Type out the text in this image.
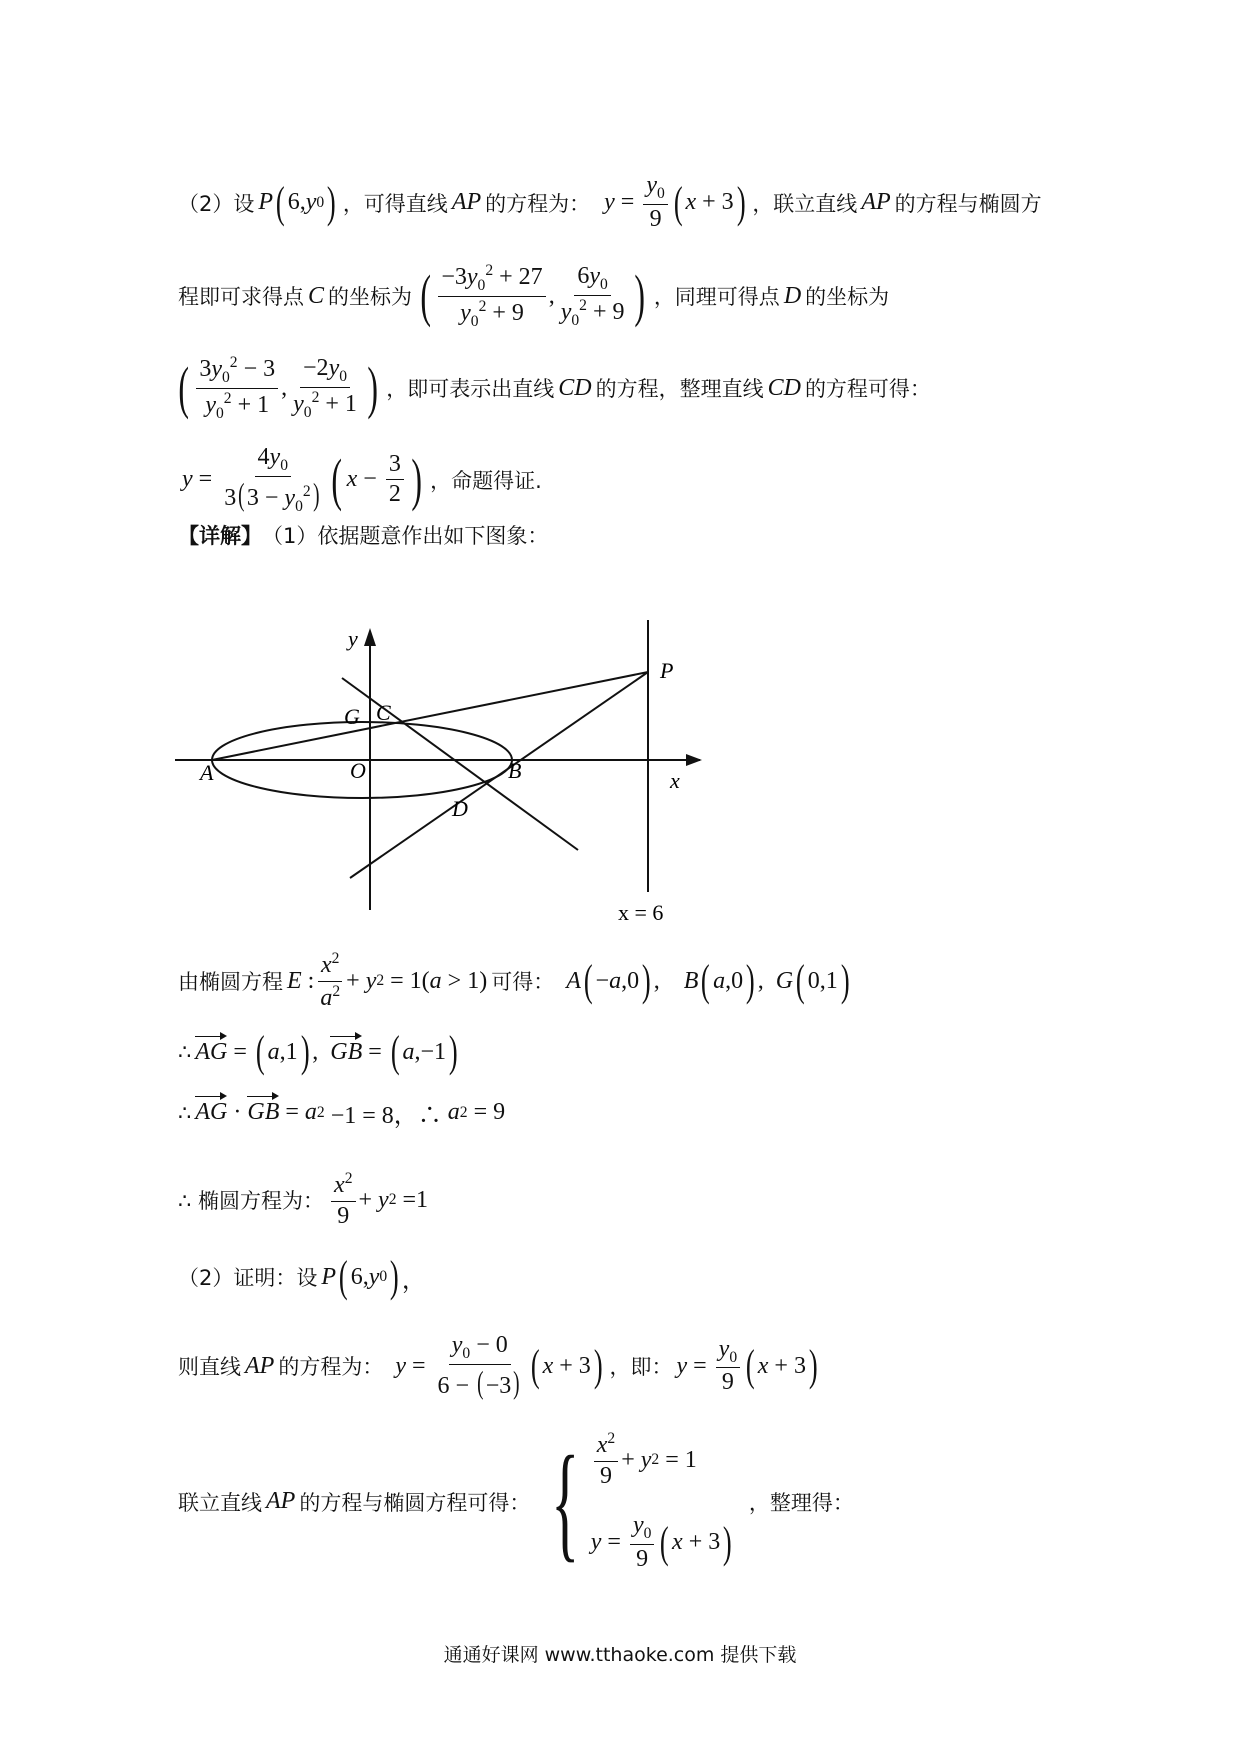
（2）设 P ( 6, y 0 ) ，可得直线 AP 的方程为： $y = \frac{y_0}{9}$ ( x + 3 ) ，联立直线 AP 的方程与椭圆方
程即可求得点 C 的坐标为 ( $\frac{-3y_0^2 + 27}{y_0^2 + 9}$ , $\frac{6y_0}{y_0^2 + 9}$ ) ，同理可得点 D 的坐标为
( $\frac{3y_0^2 - 3}{y_0^2 + 1}$ , $\frac{-2y_0}{y_0^2 + 1}$ ) ，即可表示出直线 CD 的方程，整理直线 CD 的方程可得：
$y = \frac{4y_0}{3(3 - y_0^2)}$ ( $x - \frac{3}{2}$ ) ，命题得证.
【详解】 （1）依据题意作出如下图象：
y
x
P
G C
A	O	B
D
x = 6
由椭圆方程 E : $\frac{x^2}{a^2} + y$ 2 = 1( a > 1) 可得： A ( − a ,0 ) , B ( a ,0 ) , G ( 0,1 )
∴ AG = ( a ,1 ) , GB = ( a ,−1 )
∴ AG · GB = a 2 −1 = 8，∴ a 2 = 9
∴ 椭圆方程为： $\frac{x^2}{9} + y$ 2 =1
（2）证明：设 P ( 6, y 0 ) ，
则直线 AP 的方程为： $y = \frac{y_0 - 0}{6 - (-3)}$ ( x + 3 ) ，即： $y = \frac{y_0}{9}$ ( x + 3 )
联立直线 AP 的方程与椭圆方程可得： { $\frac{x^2}{9} + y$ 2 = 1
$y = \frac{y_0}{9}$ ( x + 3 )
，整理得：
通通好课网 www.tthaoke.com 提供下载
